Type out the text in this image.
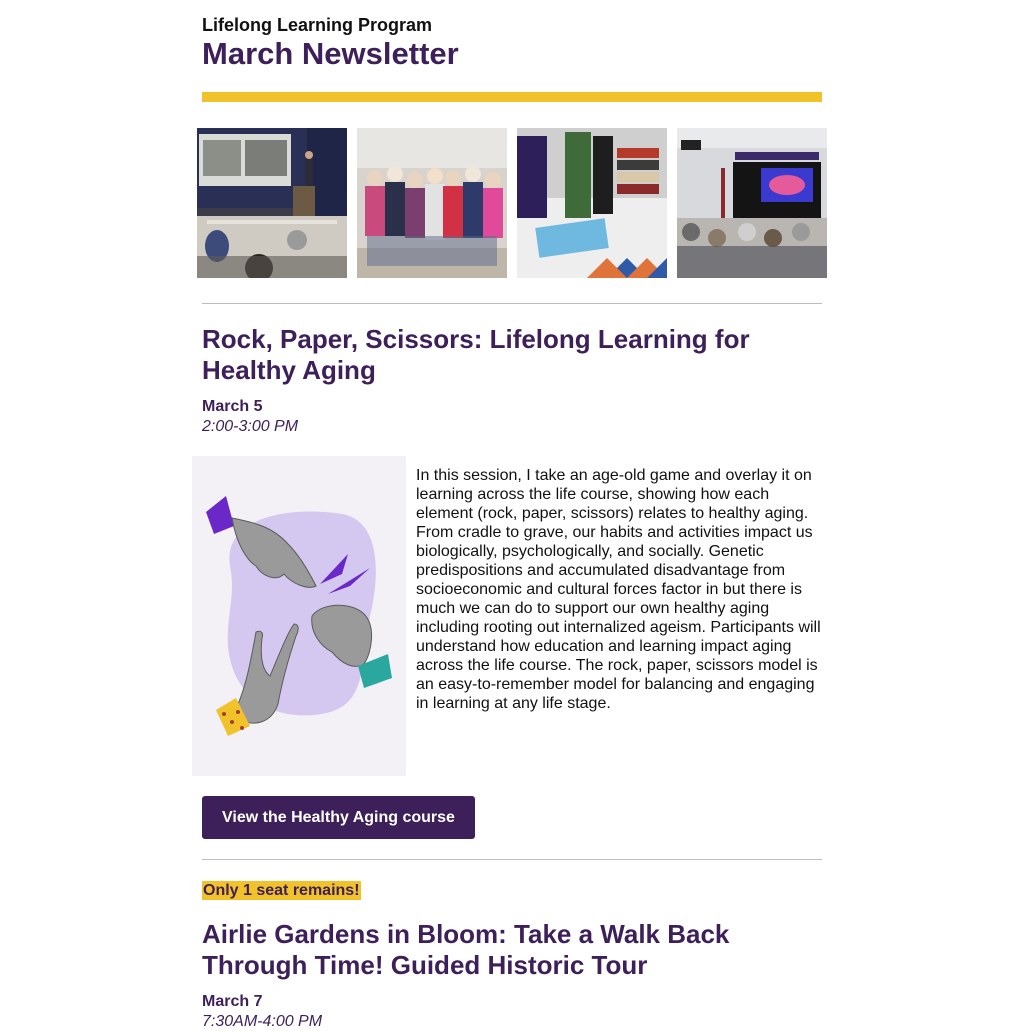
Lifelong Learning Program
March Newsletter
Rock, Paper, Scissors: Lifelong Learning for Healthy Aging
March 5
2:00-3:00 PM
In this session, I take an age-old game and overlay it on learning across the life course, showing how each element (rock, paper, scissors) relates to healthy aging. From cradle to grave, our habits and activities impact us biologically, psychologically, and socially. Genetic predispositions and accumulated disadvantage from socioeconomic and cultural forces factor in but there is much we can do to support our own healthy aging including rooting out internalized ageism. Participants will understand how education and learning impact aging across the life course. The rock, paper, scissors model is an easy-to-remember model for balancing and engaging in learning at any life stage.
View the Healthy Aging course
Only 1 seat remains!
Airlie Gardens in Bloom: Take a Walk Back Through Time! Guided Historic Tour
March 7
7:30AM-4:00 PM
